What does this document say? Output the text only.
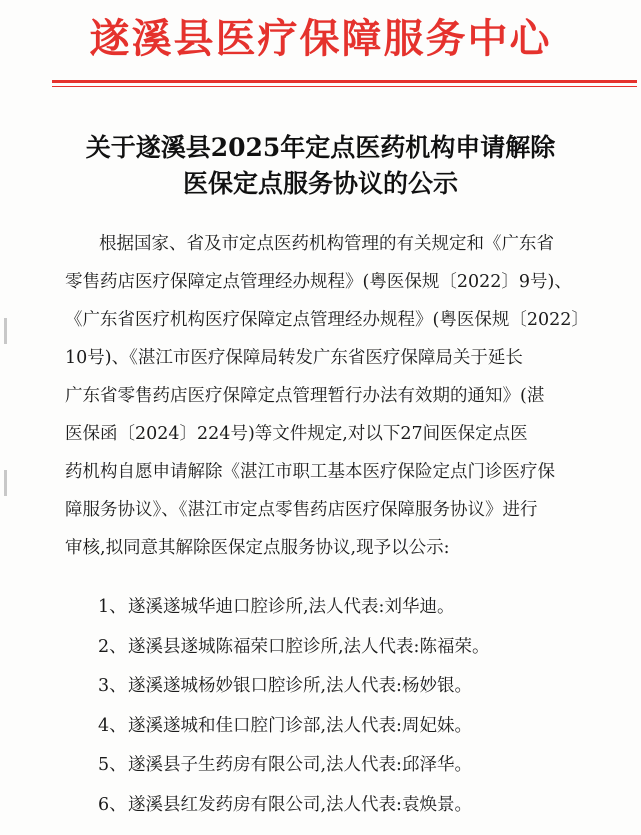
遂溪县医疗保障服务中心
关于遂溪县2025年定点医药机构申请解除
医保定点服务协议的公示
根据国家、省及市定点医药机构管理的有关规定和《广东省
零售药店医疗保障定点管理经办规程》(粤医保规〔2022〕9号)、
《广东省医疗机构医疗保障定点管理经办规程》(粤医保规〔2022〕
10号)、《湛江市医疗保障局转发广东省医疗保障局关于延长
广东省零售药店医疗保障定点管理暂行办法有效期的通知》(湛
医保函〔2024〕224号)等文件规定,对以下27间医保定点医
药机构自愿申请解除《湛江市职工基本医疗保险定点门诊医疗保
障服务协议》、《湛江市定点零售药店医疗保障服务协议》进行
审核,拟同意其解除医保定点服务协议,现予以公示:
1、 遂溪遂城华迪口腔诊所,法人代表:刘华迪。
2、 遂溪县遂城陈福荣口腔诊所,法人代表:陈福荣。
3、 遂溪遂城杨妙银口腔诊所,法人代表:杨妙银。
4、 遂溪遂城和佳口腔门诊部,法人代表:周妃妹。
5、 遂溪县子生药房有限公司,法人代表:邱泽华。
6、 遂溪县红发药房有限公司,法人代表:袁焕景。
